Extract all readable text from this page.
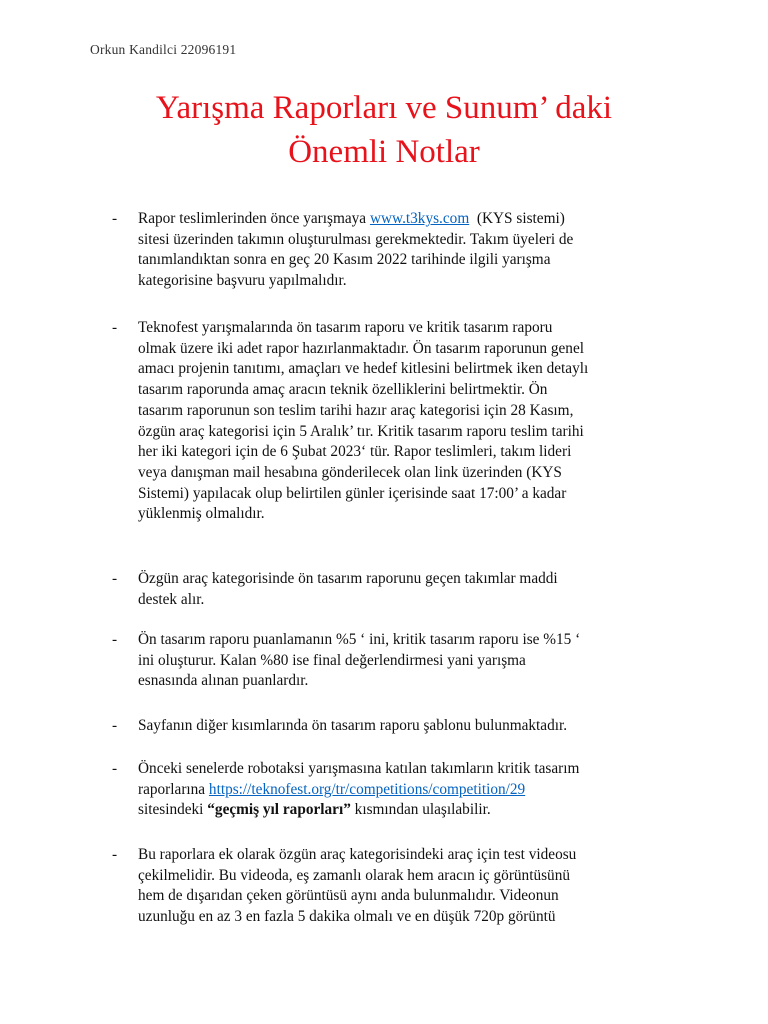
Orkun Kandilci 22096191
Yarışma Raporları ve Sunum’ daki
Önemli Notlar
-	Rapor teslimlerinden önce yarışmaya www.t3kys.com  (KYS sistemi)
sitesi üzerinden takımın oluşturulması gerekmektedir. Takım üyeleri de
tanımlandıktan sonra en geç 20 Kasım 2022 tarihinde ilgili yarışma
kategorisine başvuru yapılmalıdır.
-	Teknofest yarışmalarında ön tasarım raporu ve kritik tasarım raporu
olmak üzere iki adet rapor hazırlanmaktadır. Ön tasarım raporunun genel
amacı projenin tanıtımı, amaçları ve hedef kitlesini belirtmek iken detaylı
tasarım raporunda amaç aracın teknik özelliklerini belirtmektir. Ön
tasarım raporunun son teslim tarihi hazır araç kategorisi için 28 Kasım,
özgün araç kategorisi için 5 Aralık’ tır. Kritik tasarım raporu teslim tarihi
her iki kategori için de 6 Şubat 2023‘ tür. Rapor teslimleri, takım lideri
veya danışman mail hesabına gönderilecek olan link üzerinden (KYS
Sistemi) yapılacak olup belirtilen günler içerisinde saat 17:00’ a kadar
yüklenmiş olmalıdır.
-	Özgün araç kategorisinde ön tasarım raporunu geçen takımlar maddi
destek alır.
-	Ön tasarım raporu puanlamanın %5 ‘ ini, kritik tasarım raporu ise %15 ‘
ini oluşturur. Kalan %80 ise final değerlendirmesi yani yarışma
esnasında alınan puanlardır.
-	Sayfanın diğer kısımlarında ön tasarım raporu şablonu bulunmaktadır.
-	Önceki senelerde robotaksi yarışmasına katılan takımların kritik tasarım
raporlarına https://teknofest.org/tr/competitions/competition/29
sitesindeki “geçmiş yıl raporları” kısmından ulaşılabilir.
-	Bu raporlara ek olarak özgün araç kategorisindeki araç için test videosu
çekilmelidir. Bu videoda, eş zamanlı olarak hem aracın iç görüntüsünü
hem de dışarıdan çeken görüntüsü aynı anda bulunmalıdır. Videonun
uzunluğu en az 3 en fazla 5 dakika olmalı ve en düşük 720p görüntü
